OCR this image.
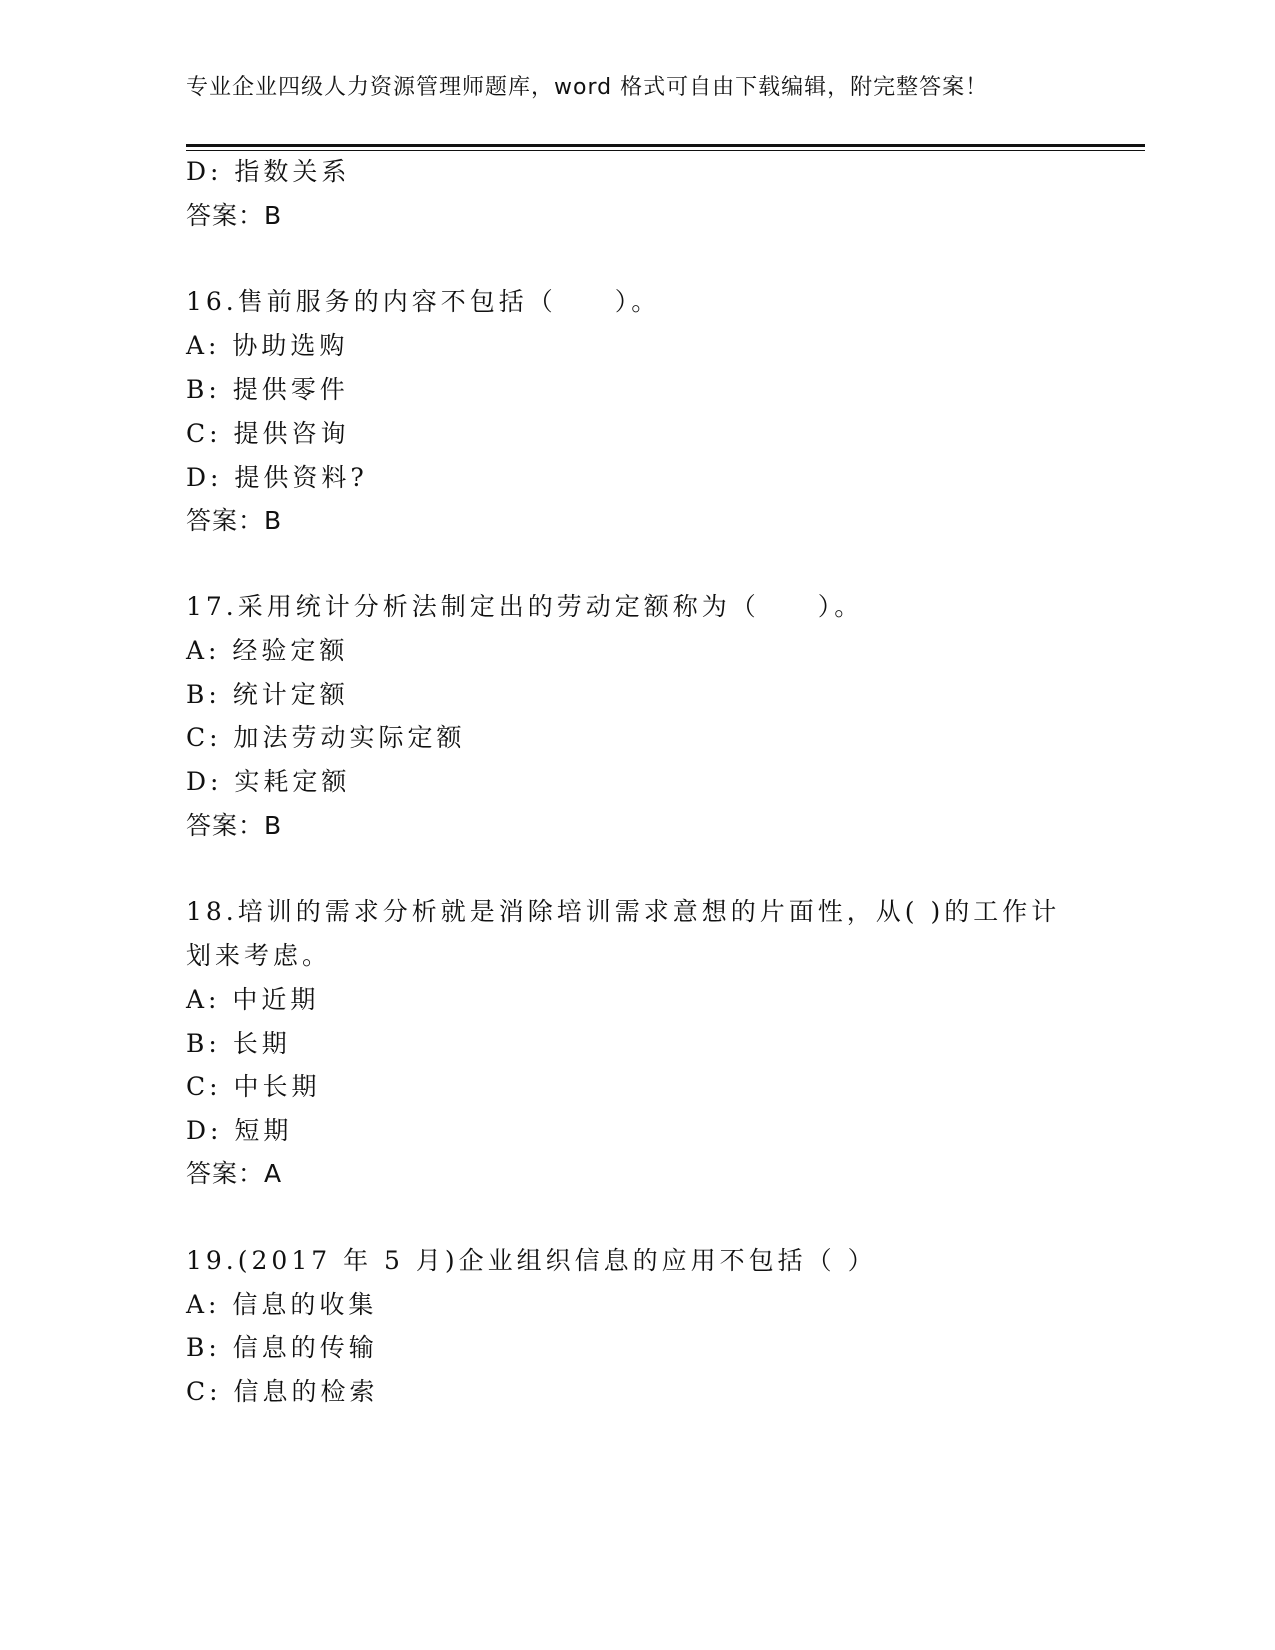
专业企业四级人力资源管理师题库，word 格式可自由下载编辑，附完整答案！
D: 指数关系
答案：B
16.售前服务的内容不包括（　　）。
A: 协助选购
B: 提供零件
C: 提供咨询
D: 提供资料?
答案：B
17.采用统计分析法制定出的劳动定额称为（　　）。
A: 经验定额
B: 统计定额
C: 加法劳动实际定额
D: 实耗定额
答案：B
18.培训的需求分析就是消除培训需求意想的片面性，从( )的工作计
划来考虑。
A: 中近期
B: 长期
C: 中长期
D: 短期
答案：A
19.(2017 年 5 月)企业组织信息的应用不包括（ ）
A: 信息的收集
B: 信息的传输
C: 信息的检索
